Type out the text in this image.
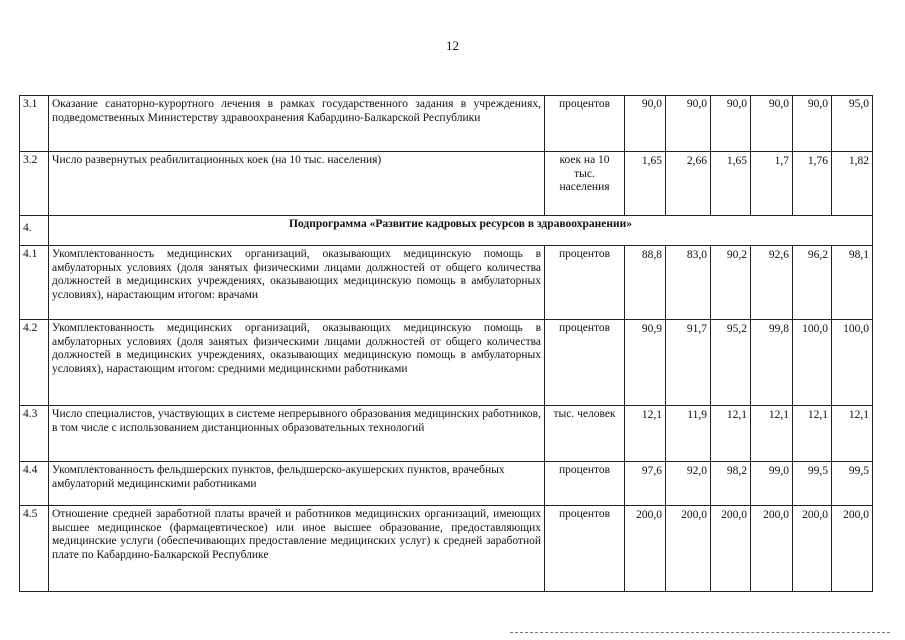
12
3.1	Оказание санаторно-курортного лечения в рамках государственного задания в учреждениях, подведомственных Министерству здравоохранения Кабардино-Балкарской Республики	процентов	90,0	90,0	90,0	90,0	90,0	95,0
3.2	Число развернутых реабилитационных коек (на 10 тыс. населения)	коек на 10 тыс. населения	1,65	2,66	1,65	1,7	1,76	1,82
4.	Подпрограмма «Развитие кадровых ресурсов в здравоохранении»							
4.1	Укомплектованность медицинских организаций, оказывающих медицинскую помощь в амбулаторных условиях (доля занятых физическими лицами должностей от общего количества должностей в медицинских учреждениях, оказывающих медицинскую помощь в амбулаторных условиях), нарастающим итогом: врачами	процентов	88,8	83,0	90,2	92,6	96,2	98,1
4.2	Укомплектованность медицинских организаций, оказывающих медицинскую помощь в амбулаторных условиях (доля занятых физическими лицами должностей от общего количества должностей в медицинских учреждениях, оказывающих медицинскую помощь в амбулаторных условиях), нарастающим итогом: средними медицинскими работниками	процентов	90,9	91,7	95,2	99,8	100,0	100,0
4.3	Число специалистов, участвующих в системе непрерывного образования медицинских работников, в том числе с использованием дистанционных образовательных технологий	тыс. человек	12,1	11,9	12,1	12,1	12,1	12,1
4.4	Укомплектованность фельдшерских пунктов, фельдшерско-акушерских пунктов, врачебных амбулаторий медицинскими работниками	процентов	97,6	92,0	98,2	99,0	99,5	99,5
4.5	Отношение средней заработной платы врачей и работников медицинских организаций, имеющих высшее медицинское (фармацевтическое) или иное высшее образование, предоставляющих медицинские услуги (обеспечивающих предоставление медицинских услуг) к средней заработной плате по Кабардино-Балкарской Республике	процентов	200,0	200,0	200,0	200,0	200,0	200,0
